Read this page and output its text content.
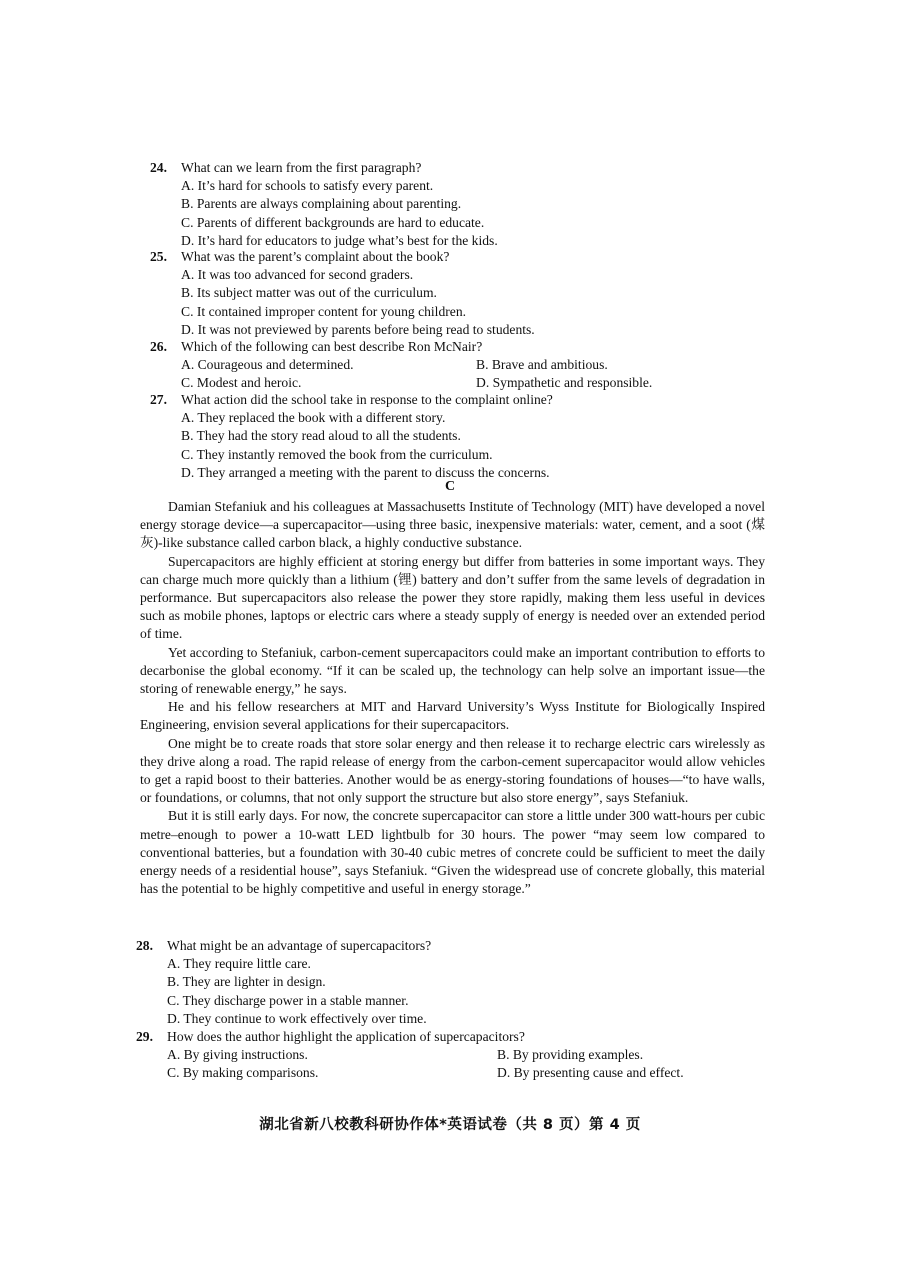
24. What can we learn from the first paragraph?
A. It’s hard for schools to satisfy every parent.
B. Parents are always complaining about parenting.
C. Parents of different backgrounds are hard to educate.
D. It’s hard for educators to judge what’s best for the kids.
25. What was the parent’s complaint about the book?
A. It was too advanced for second graders.
B. Its subject matter was out of the curriculum.
C. It contained improper content for young children.
D. It was not previewed by parents before being read to students.
26. Which of the following can best describe Ron McNair?
A. Courageous and determined.	B. Brave and ambitious.
C. Modest and heroic.	D. Sympathetic and responsible.
27. What action did the school take in response to the complaint online?
A. They replaced the book with a different story.
B. They had the story read aloud to all the students.
C. They instantly removed the book from the curriculum.
D. They arranged a meeting with the parent to discuss the concerns.
C

Damian Stefaniuk and his colleagues at Massachusetts Institute of Technology (MIT) have developed a novel energy storage device—a supercapacitor—using three basic, inexpensive materials: water, cement, and a soot (煤灰)-like substance called carbon black, a highly conductive substance.

Supercapacitors are highly efficient at storing energy but differ from batteries in some important ways. They can charge much more quickly than a lithium (锂) battery and don’t suffer from the same levels of degradation in performance. But supercapacitors also release the power they store rapidly, making them less useful in devices such as mobile phones, laptops or electric cars where a steady supply of energy is needed over an extended period of time.

Yet according to Stefaniuk, carbon-cement supercapacitors could make an important contribution to efforts to decarbonise the global economy. “If it can be scaled up, the technology can help solve an important issue—the storing of renewable energy,” he says.

He and his fellow researchers at MIT and Harvard University’s Wyss Institute for Biologically Inspired Engineering, envision several applications for their supercapacitors.

One might be to create roads that store solar energy and then release it to recharge electric cars wirelessly as they drive along a road. The rapid release of energy from the carbon-cement supercapacitor would allow vehicles to get a rapid boost to their batteries. Another would be as energy-storing foundations of houses—“to have walls, or foundations, or columns, that not only support the structure but also store energy”, says Stefaniuk.

But it is still early days. For now, the concrete supercapacitor can store a little under 300 watt-hours per cubic metre–enough to power a 10-watt LED lightbulb for 30 hours. The power “may seem low compared to conventional batteries, but a foundation with 30-40 cubic metres of concrete could be sufficient to meet the daily energy needs of a residential house”, says Stefaniuk. “Given the widespread use of concrete globally, this material has the potential to be highly competitive and useful in energy storage.”

28. What might be an advantage of supercapacitors?
A. They require little care.
B. They are lighter in design.
C. They discharge power in a stable manner.
D. They continue to work effectively over time.
29. How does the author highlight the application of supercapacitors?
A. By giving instructions.	B. By providing examples.
C. By making comparisons.	D. By presenting cause and effect.
湖北省新八校教科研协作体*英语试卷（共 8 页）第 4 页
